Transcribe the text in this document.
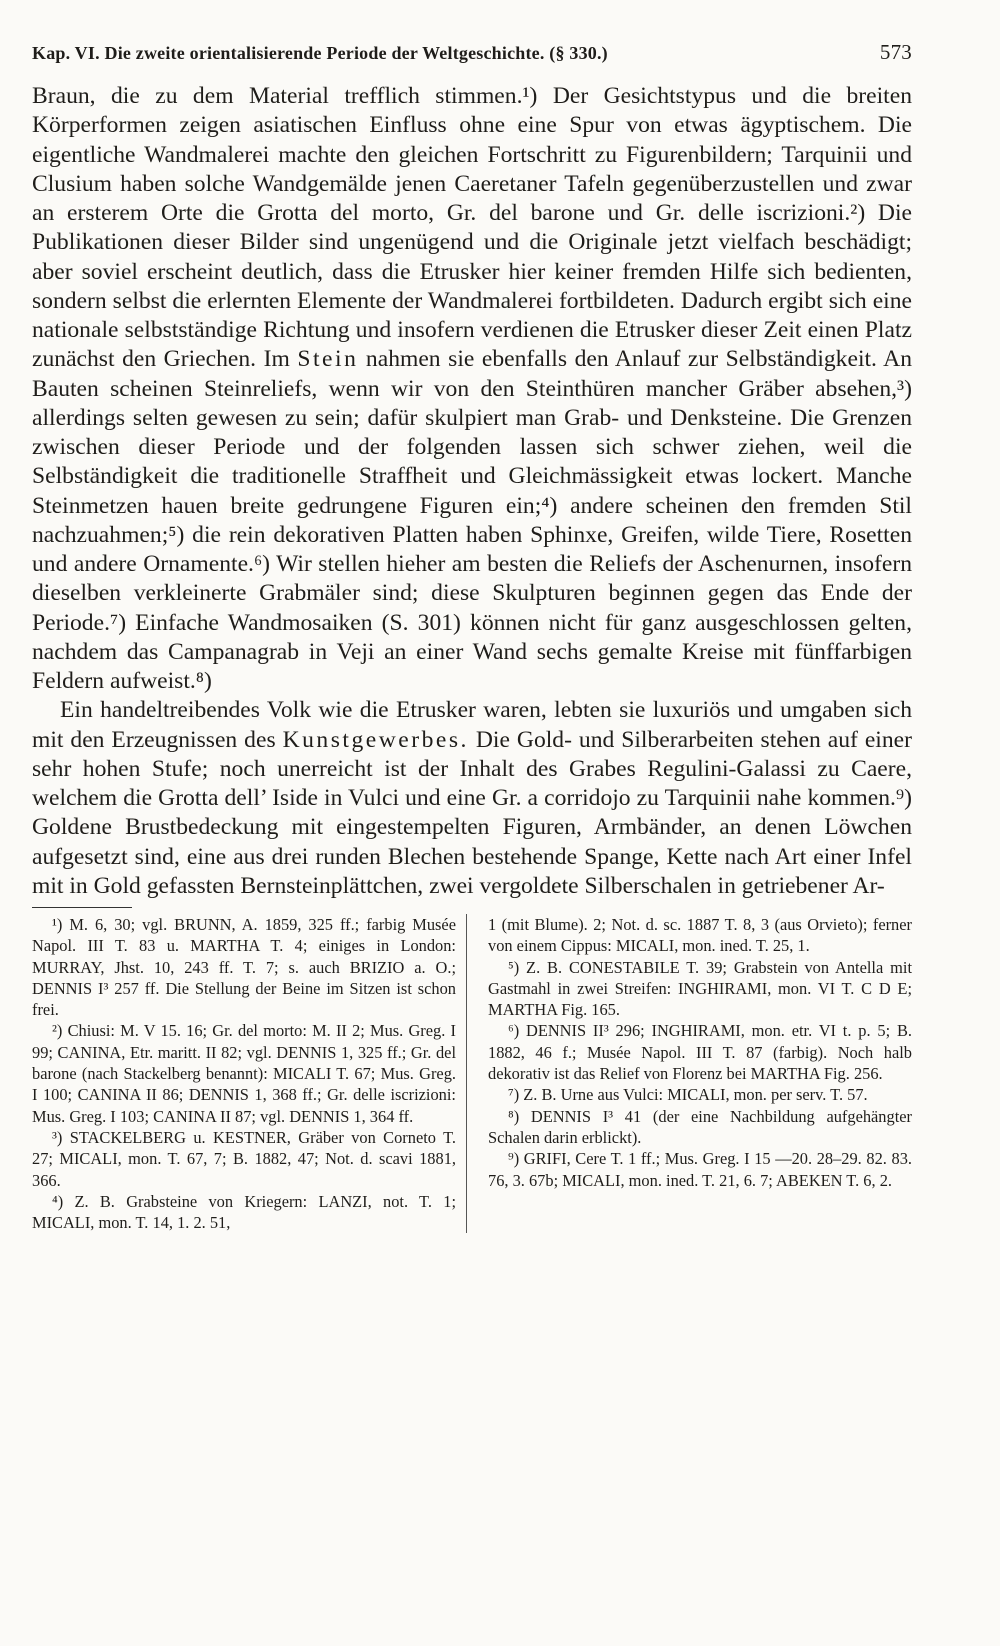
Kap. VI. Die zweite orientalisierende Periode der Weltgeschichte. (§ 330.)	573

Braun, die zu dem Material trefflich stimmen.¹) Der Gesichtstypus und die breiten Körperformen zeigen asiatischen Einfluss ohne eine Spur von etwas ägyptischem. Die eigentliche Wandmalerei machte den gleichen Fortschritt zu Figurenbildern; Tarquinii und Clusium haben solche Wandgemälde jenen Caeretaner Tafeln gegenüberzustellen und zwar an ersterem Orte die Grotta del morto, Gr. del barone und Gr. delle iscrizioni.²) Die Publikationen dieser Bilder sind ungenügend und die Originale jetzt vielfach beschädigt; aber soviel erscheint deutlich, dass die Etrusker hier keiner fremden Hilfe sich bedienten, sondern selbst die erlernten Elemente der Wandmalerei fortbildeten. Dadurch ergibt sich eine nationale selbstständige Richtung und insofern verdienen die Etrusker dieser Zeit einen Platz zunächst den Griechen. Im Stein nahmen sie ebenfalls den Anlauf zur Selbständigkeit. An Bauten scheinen Steinreliefs, wenn wir von den Steinthüren mancher Gräber absehen,³) allerdings selten gewesen zu sein; dafür skulpiert man Grab- und Denksteine. Die Grenzen zwischen dieser Periode und der folgenden lassen sich schwer ziehen, weil die Selbständigkeit die traditionelle Straffheit und Gleichmässigkeit etwas lockert. Manche Steinmetzen hauen breite gedrungene Figuren ein;⁴) andere scheinen den fremden Stil nachzuahmen;⁵) die rein dekorativen Platten haben Sphinxe, Greifen, wilde Tiere, Rosetten und andere Ornamente.⁶) Wir stellen hieher am besten die Reliefs der Aschenurnen, insofern dieselben verkleinerte Grabmäler sind; diese Skulpturen beginnen gegen das Ende der Periode.⁷) Einfache Wandmosaiken (S. 301) können nicht für ganz ausgeschlossen gelten, nachdem das Campanagrab in Veji an einer Wand sechs gemalte Kreise mit fünffarbigen Feldern aufweist.⁸)

Ein handeltreibendes Volk wie die Etrusker waren, lebten sie luxuriös und umgaben sich mit den Erzeugnissen des Kunstgewerbes. Die Gold- und Silberarbeiten stehen auf einer sehr hohen Stufe; noch unerreicht ist der Inhalt des Grabes Regulini-Galassi zu Caere, welchem die Grotta dell’ Iside in Vulci und eine Gr. a corridojo zu Tarquinii nahe kommen.⁹) Goldene Brustbedeckung mit eingestempelten Figuren, Armbänder, an denen Löwchen aufgesetzt sind, eine aus drei runden Blechen bestehende Spange, Kette nach Art einer Infel mit in Gold gefassten Bernsteinplättchen, zwei vergoldete Silberschalen in getriebener Ar-

¹) M. 6, 30; vgl. BRUNN, A. 1859, 325 ff.; farbig Musée Napol. III T. 83 u. MARTHA T. 4; einiges in London: MURRAY, Jhst. 10, 243 ff. T. 7; s. auch BRIZIO a. O.; DENNIS I³ 257 ff. Die Stellung der Beine im Sitzen ist schon frei.

²) Chiusi: M. V 15. 16; Gr. del morto: M. II 2; Mus. Greg. I 99; CANINA, Etr. maritt. II 82; vgl. DENNIS 1, 325 ff.; Gr. del barone (nach Stackelberg benannt): MICALI T. 67; Mus. Greg. I 100; CANINA II 86; DENNIS 1, 368 ff.; Gr. delle iscrizioni: Mus. Greg. I 103; CANINA II 87; vgl. DENNIS 1, 364 ff.

³) STACKELBERG u. KESTNER, Gräber von Corneto T. 27; MICALI, mon. T. 67, 7; B. 1882, 47; Not. d. scavi 1881, 366.

⁴) Z. B. Grabsteine von Kriegern: LANZI, not. T. 1; MICALI, mon. T. 14, 1. 2. 51,

1 (mit Blume). 2; Not. d. sc. 1887 T. 8, 3 (aus Orvieto); ferner von einem Cippus: MICALI, mon. ined. T. 25, 1.

⁵) Z. B. CONESTABILE T. 39; Grabstein von Antella mit Gastmahl in zwei Streifen: INGHIRAMI, mon. VI T. C D E; MARTHA Fig. 165.

⁶) DENNIS II³ 296; INGHIRAMI, mon. etr. VI t. p. 5; B. 1882, 46 f.; Musée Napol. III T. 87 (farbig). Noch halb dekorativ ist das Relief von Florenz bei MARTHA Fig. 256.

⁷) Z. B. Urne aus Vulci: MICALI, mon. per serv. T. 57.

⁸) DENNIS I³ 41 (der eine Nachbildung aufgehängter Schalen darin erblickt).

⁹) GRIFI, Cere T. 1 ff.; Mus. Greg. I 15 —20. 28–29. 82. 83. 76, 3. 67b; MICALI, mon. ined. T. 21, 6. 7; ABEKEN T. 6, 2.
